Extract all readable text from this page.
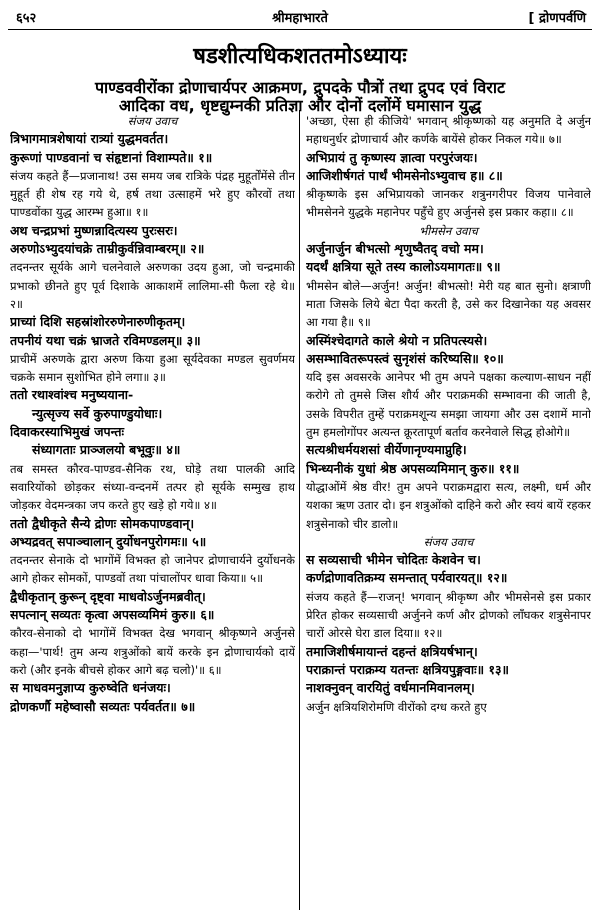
६५२	श्रीमहाभारते	[ द्रोणपर्वणि
षडशीत्यधिकशततमोऽध्यायः
पाण्डववीरोंका द्रोणाचार्यपर आक्रमण, द्रुपदके पौत्रों तथा द्रुपद एवं विराट
आदिका वध, धृष्टद्युम्नकी प्रतिज्ञा और दोनों दलोंमें घमासान युद्ध
संजय उवाच
त्रिभागमात्रशेषायां रात्र्यां युद्धमवर्तत।
कुरूणां पाण्डवानां च संहृष्टानां विशाम्पते॥ १॥
संजय कहते हैं—प्रजानाथ! उस समय जब रात्रिके पंद्रह मुहूर्तोंमेंसे तीन मुहूर्त ही शेष रह गये थे, हर्ष तथा उत्साहमें भरे हुए कौरवों तथा पाण्डवोंका युद्ध आरम्भ हुआ॥ १॥
अथ चन्द्रप्रभां मुष्णन्नादित्यस्य पुरःसरः।
अरुणोऽभ्युदयांचक्रे ताम्रीकुर्वन्निवाम्बरम्॥ २॥
तदनन्तर सूर्यके आगे चलनेवाले अरुणका उदय हुआ, जो चन्द्रमाकी प्रभाको छीनते हुए पूर्व दिशाके आकाशमें लालिमा-सी फैला रहे थे॥ २॥
प्राच्यां दिशि सहस्रांशोररुणेनारुणीकृतम्।
तपनीयं यथा चक्रं भ्राजते रविमण्डलम्॥ ३॥
प्राचीमें अरुणके द्वारा अरुण किया हुआ सूर्यदेवका मण्डल सुवर्णमय चक्रके समान सुशोभित होने लगा॥ ३॥
ततो रथाश्वांश्च मनुष्ययाना-
न्युत्सृज्य सर्वे कुरुपाण्डुयोधाः।
दिवाकरस्याभिमुखं जपन्तः
संध्यागताः प्राञ्जलयो बभूवुः॥ ४॥
तब समस्त कौरव-पाण्डव-सैनिक रथ, घोड़े तथा पालकी आदि सवारियोंको छोड़कर संध्या-वन्दनमें तत्पर हो सूर्यके सम्मुख हाथ जोड़कर वेदमन्त्रका जप करते हुए खड़े हो गये॥ ४॥
ततो द्वैधीकृते सैन्ये द्रोणः सोमकपाण्डवान्।
अभ्यद्रवत् सपाञ्चालान् दुर्योधनपुरोगमः॥ ५॥
तदनन्तर सेनाके दो भागोंमें विभक्त हो जानेपर द्रोणाचार्यने दुर्योधनके आगे होकर सोमकों, पाण्डवों तथा पांचालोंपर धावा किया॥ ५॥
द्वैधीकृतान् कुरून् दृष्ट्वा माधवोऽर्जुनमब्रवीत्।
सपत्नान् सव्यतः कृत्वा अपसव्यमिमं कुरु॥ ६॥
कौरव-सेनाको दो भागोंमें विभक्त देख भगवान् श्रीकृष्णने अर्जुनसे कहा—'पार्थ! तुम अन्य शत्रुओंको बायें करके इन द्रोणाचार्यको दायें करो (और इनके बीचसे होकर आगे बढ़ चलो)'॥ ६॥
स माधवमनुज्ञाप्य कुरुष्वेति धनंजयः।
द्रोणकर्णौ महेष्वासौ सव्यतः पर्यवर्तत॥ ७॥
'अच्छा, ऐसा ही कीजिये' भगवान् श्रीकृष्णको यह अनुमति दे अर्जुन महाधनुर्धर द्रोणाचार्य और कर्णके बायेंसे होकर निकल गये॥ ७॥
अभिप्रायं तु कृष्णस्य ज्ञात्वा परपुरंजयः।
आजिशीर्षगतं पार्थं भीमसेनोऽभ्युवाच ह॥ ८॥
श्रीकृष्णके इस अभिप्रायको जानकर शत्रुनगरीपर विजय पानेवाले भीमसेनने युद्धके महानेपर पहुँचे हुए अर्जुनसे इस प्रकार कहा॥ ८॥
भीमसेन उवाच
अर्जुनार्जुन बीभत्सो शृणुष्वैतद् वचो मम।
यदर्थं क्षत्रिया सूते तस्य कालोऽयमागतः॥ ९॥
भीमसेन बोले—अर्जुन! अर्जुन! बीभत्सो! मेरी यह बात सुनो। क्षत्राणी माता जिसके लिये बेटा पैदा करती है, उसे कर दिखानेका यह अवसर आ गया है॥ ९॥
अस्मिंश्चेदागते काले श्रेयो न प्रतिपत्स्यसे।
असम्भावितरूपस्त्वं सुनृशंसं करिष्यसि॥ १०॥
यदि इस अवसरके आनेपर भी तुम अपने पक्षका कल्याण-साधन नहीं करोगे तो तुमसे जिस शौर्य और पराक्रमकी सम्भावना की जाती है, उसके विपरीत तुम्हें पराक्रमशून्य समझा जायगा और उस दशामें मानो तुम हमलोगोंपर अत्यन्त क्रूरतापूर्ण बर्ताव करनेवाले सिद्ध होओगे॥
सत्यश्रीधर्मयशसां वीर्येणानृण्यमाप्नुहि।
भिन्ध्यनीकं युधां श्रेष्ठ अपसव्यमिमान् कुरु॥ ११॥
योद्धाओंमें श्रेष्ठ वीर! तुम अपने पराक्रमद्वारा सत्य, लक्ष्मी, धर्म और यशका ऋण उतार दो। इन शत्रुओंको दाहिने करो और स्वयं बायें रहकर शत्रुसेनाको चीर डालो॥
संजय उवाच
स सव्यसाची भीमेन चोदितः केशवेन च।
कर्णद्रोणावतिक्रम्य समन्तात् पर्यवारयत्॥ १२॥
संजय कहते हैं—राजन्! भगवान् श्रीकृष्ण और भीमसेनसे इस प्रकार प्रेरित होकर सव्यसाची अर्जुनने कर्ण और द्रोणको लाँघकर शत्रुसेनापर चारों ओरसे घेरा डाल दिया॥ १२॥
तमाजिशीर्षमायान्तं दहन्तं क्षत्रियर्षभान्।
पराक्रान्तं पराक्रम्य यतन्तः क्षत्रियपुङ्गवाः॥ १३॥
नाशक्नुवन् वारयितुं वर्धमानमिवानलम्।
अर्जुन क्षत्रियशिरोमणि वीरोंको दग्ध करते हुए
